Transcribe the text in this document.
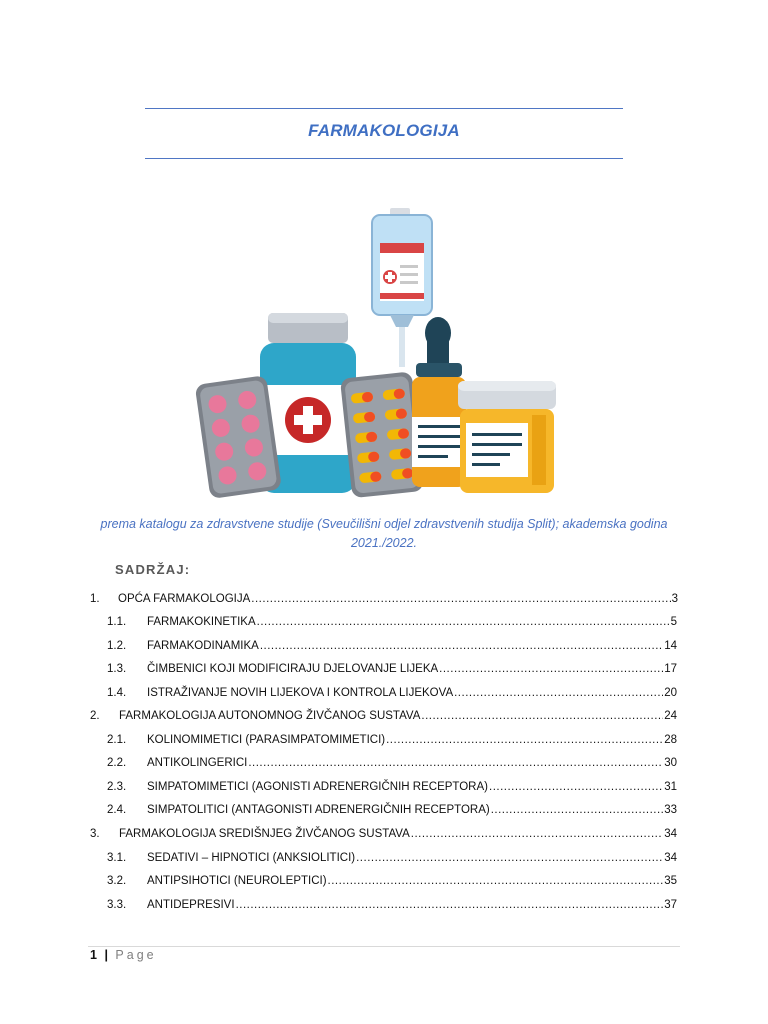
FARMAKOLOGIJA
prema katalogu za zdravstvene studije (Sveučilišni odjel zdravstvenih studija Split); akademska godina
2021./2022.
SADRŽAJ:
1.	OPĆA FARMAKOLOGIJA .....	3
1.1.	FARMAKOKINETIKA .....	5
1.2.	FARMAKODINAMIKA .....	14
1.3.	ČIMBENICI KOJI MODIFICIRAJU DJELOVANJE LIJEKA .....	17
1.4.	ISTRAŽIVANJE NOVIH LIJEKOVA I KONTROLA LIJEKOVA .....	20
2.	FARMAKOLOGIJA AUTONOMNOG ŽIVČANOG SUSTAVA .....	24
2.1.	KOLINOMIMETICI (PARASIMPATOMIMETICI) .....	28
2.2.	ANTIKOLINGERICI .....	30
2.3.	SIMPATOMIMETICI (AGONISTI ADRENERGIČNIH RECEPTORA) .....	31
2.4.	SIMPATOLITICI (ANTAGONISTI ADRENERGIČNIH RECEPTORA) .....	33
3.	FARMAKOLOGIJA SREDIŠNJEG ŽIVČANOG SUSTAVA .....	34
3.1.	SEDATIVI – HIPNOTICI (ANKSIOLITICI) .....	34
3.2.	ANTIPSIHOTICI (NEUROLEPTICI) .....	35
3.3.	ANTIDEPRESIVI .....	37
1 | Page
